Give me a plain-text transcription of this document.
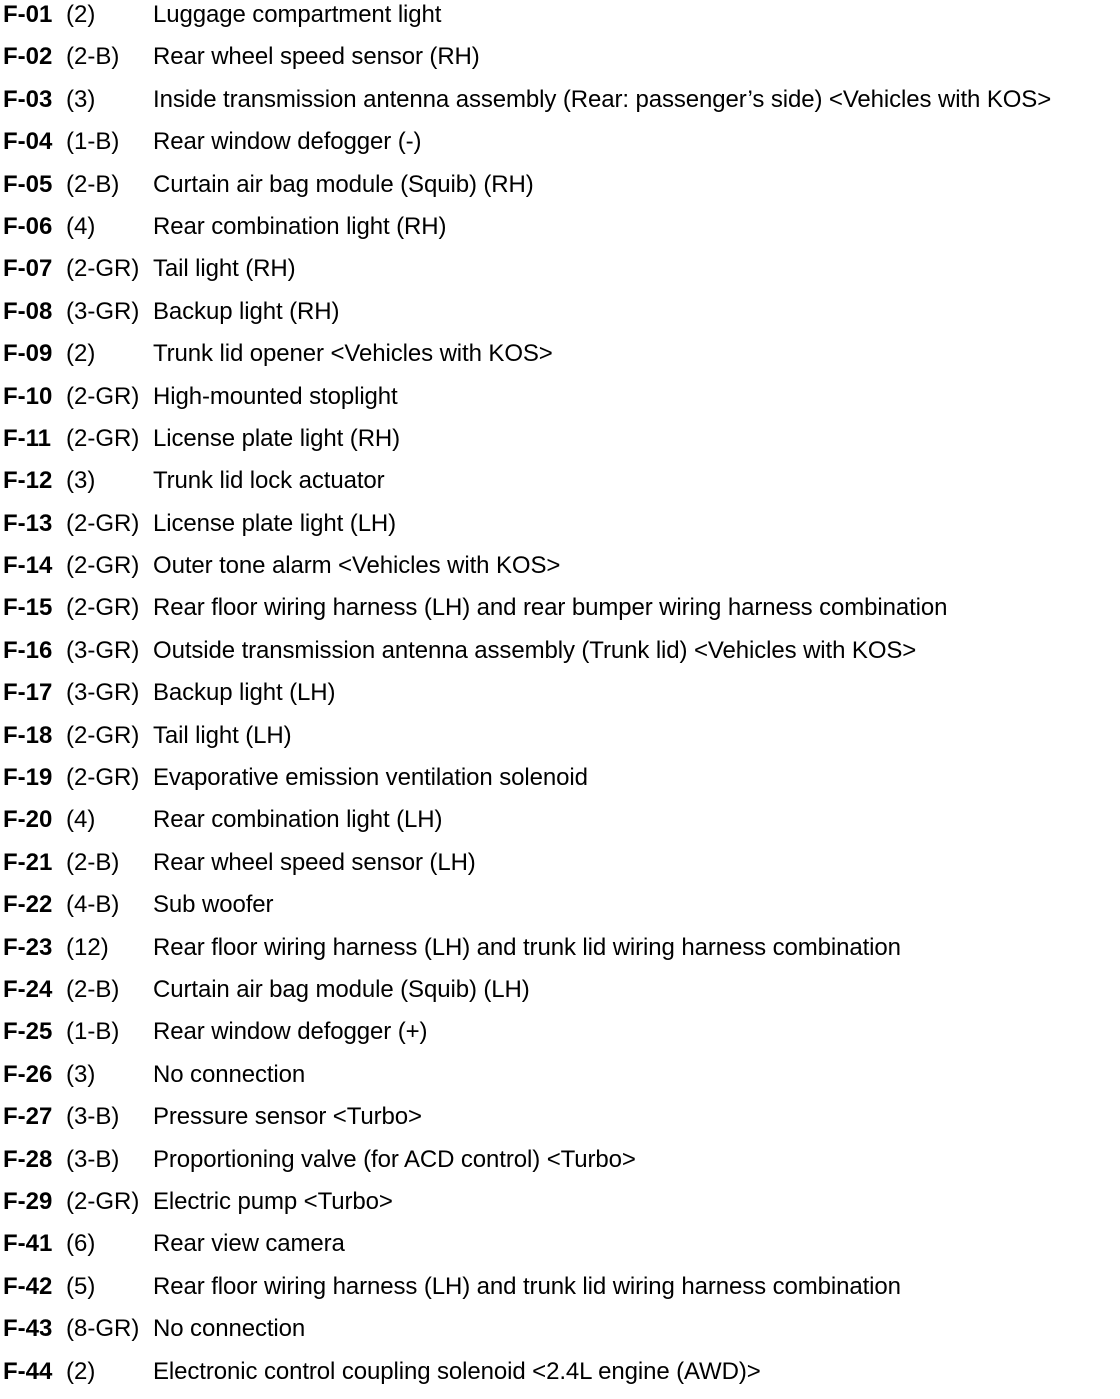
F-01 (2) Luggage compartment light
F-02 (2-B) Rear wheel speed sensor (RH)
F-03 (3) Inside transmission antenna assembly (Rear: passenger’s side) <Vehicles with KOS>
F-04 (1-B) Rear window defogger (-)
F-05 (2-B) Curtain air bag module (Squib) (RH)
F-06 (4) Rear combination light (RH)
F-07 (2-GR) Tail light (RH)
F-08 (3-GR) Backup light (RH)
F-09 (2) Trunk lid opener <Vehicles with KOS>
F-10 (2-GR) High-mounted stoplight
F-11 (2-GR) License plate light (RH)
F-12 (3) Trunk lid lock actuator
F-13 (2-GR) License plate light (LH)
F-14 (2-GR) Outer tone alarm <Vehicles with KOS>
F-15 (2-GR) Rear floor wiring harness (LH) and rear bumper wiring harness combination
F-16 (3-GR) Outside transmission antenna assembly (Trunk lid) <Vehicles with KOS>
F-17 (3-GR) Backup light (LH)
F-18 (2-GR) Tail light (LH)
F-19 (2-GR) Evaporative emission ventilation solenoid
F-20 (4) Rear combination light (LH)
F-21 (2-B) Rear wheel speed sensor (LH)
F-22 (4-B) Sub woofer
F-23 (12) Rear floor wiring harness (LH) and trunk lid wiring harness combination
F-24 (2-B) Curtain air bag module (Squib) (LH)
F-25 (1-B) Rear window defogger (+)
F-26 (3) No connection
F-27 (3-B) Pressure sensor <Turbo>
F-28 (3-B) Proportioning valve (for ACD control) <Turbo>
F-29 (2-GR) Electric pump <Turbo>
F-41 (6) Rear view camera
F-42 (5) Rear floor wiring harness (LH) and trunk lid wiring harness combination
F-43 (8-GR) No connection
F-44 (2) Electronic control coupling solenoid <2.4L engine (AWD)>
